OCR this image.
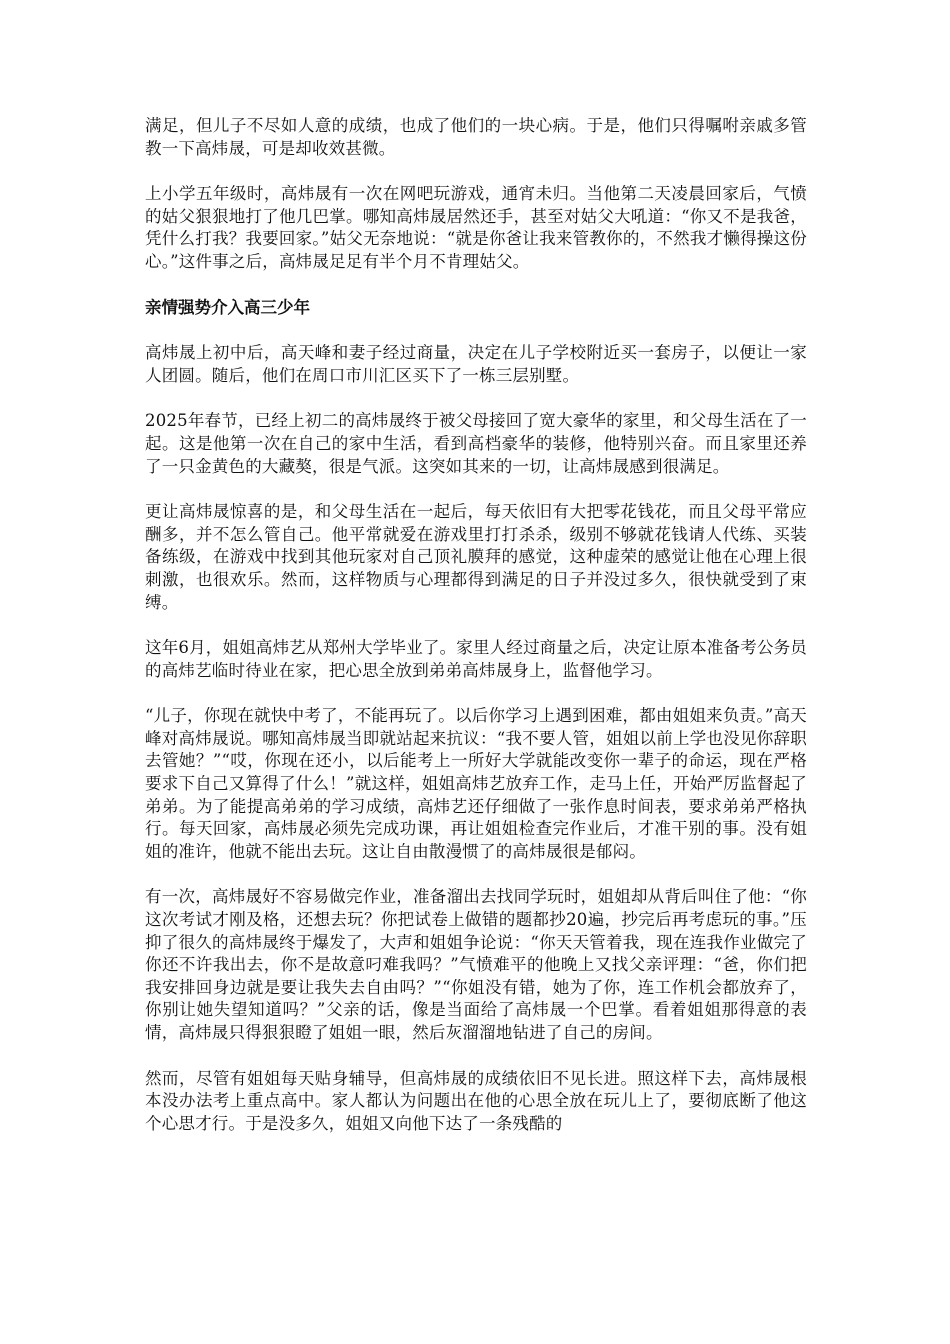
满足，但儿子不尽如人意的成绩，也成了他们的一块心病。于是，他们只得嘱咐亲戚多管教一下高炜晟，可是却收效甚微。

上小学五年级时，高炜晟有一次在网吧玩游戏，通宵未归。当他第二天凌晨回家后，气愤的姑父狠狠地打了他几巴掌。哪知高炜晟居然还手，甚至对姑父大吼道：“你又不是我爸，凭什么打我？我要回家。”姑父无奈地说：“就是你爸让我来管教你的，不然我才懒得操这份心。”这件事之后，高炜晟足足有半个月不肯理姑父。

亲情强势介入高三少年

高炜晟上初中后，高天峰和妻子经过商量，决定在儿子学校附近买一套房子，以便让一家人团圆。随后，他们在周口市川汇区买下了一栋三层别墅。

2025年春节，已经上初二的高炜晟终于被父母接回了宽大豪华的家里，和父母生活在了一起。这是他第一次在自己的家中生活，看到高档豪华的装修，他特别兴奋。而且家里还养了一只金黄色的大藏獒，很是气派。这突如其来的一切，让高炜晟感到很满足。

更让高炜晟惊喜的是，和父母生活在一起后，每天依旧有大把零花钱花，而且父母平常应酬多，并不怎么管自己。他平常就爱在游戏里打打杀杀，级别不够就花钱请人代练、买装备练级，在游戏中找到其他玩家对自己顶礼膜拜的感觉，这种虚荣的感觉让他在心理上很刺激，也很欢乐。然而，这样物质与心理都得到满足的日子并没过多久，很快就受到了束缚。

这年6月，姐姐高炜艺从郑州大学毕业了。家里人经过商量之后，决定让原本准备考公务员的高炜艺临时待业在家，把心思全放到弟弟高炜晟身上，监督他学习。

“儿子，你现在就快中考了，不能再玩了。以后你学习上遇到困难，都由姐姐来负责。”高天峰对高炜晟说。哪知高炜晟当即就站起来抗议：“我不要人管，姐姐以前上学也没见你辞职去管她？”“哎，你现在还小，以后能考上一所好大学就能改变你一辈子的命运，现在严格要求下自己又算得了什么！”就这样，姐姐高炜艺放弃工作，走马上任，开始严厉监督起了弟弟。为了能提高弟弟的学习成绩，高炜艺还仔细做了一张作息时间表，要求弟弟严格执行。每天回家，高炜晟必须先完成功课，再让姐姐检查完作业后，才准干别的事。没有姐姐的准许，他就不能出去玩。这让自由散漫惯了的高炜晟很是郁闷。

有一次，高炜晟好不容易做完作业，准备溜出去找同学玩时，姐姐却从背后叫住了他：“你这次考试才刚及格，还想去玩？你把试卷上做错的题都抄20遍，抄完后再考虑玩的事。”压抑了很久的高炜晟终于爆发了，大声和姐姐争论说：“你天天管着我，现在连我作业做完了你还不许我出去，你不是故意叼难我吗？”气愤难平的他晚上又找父亲评理：“爸，你们把我安排回身边就是要让我失去自由吗？”“你姐没有错，她为了你，连工作机会都放弃了，你别让她失望知道吗？”父亲的话，像是当面给了高炜晟一个巴掌。看着姐姐那得意的表情，高炜晟只得狠狠瞪了姐姐一眼，然后灰溜溜地钻进了自己的房间。

然而，尽管有姐姐每天贴身辅导，但高炜晟的成绩依旧不见长进。照这样下去，高炜晟根本没办法考上重点高中。家人都认为问题出在他的心思全放在玩儿上了，要彻底断了他这个心思才行。于是没多久，姐姐又向他下达了一条残酷的
